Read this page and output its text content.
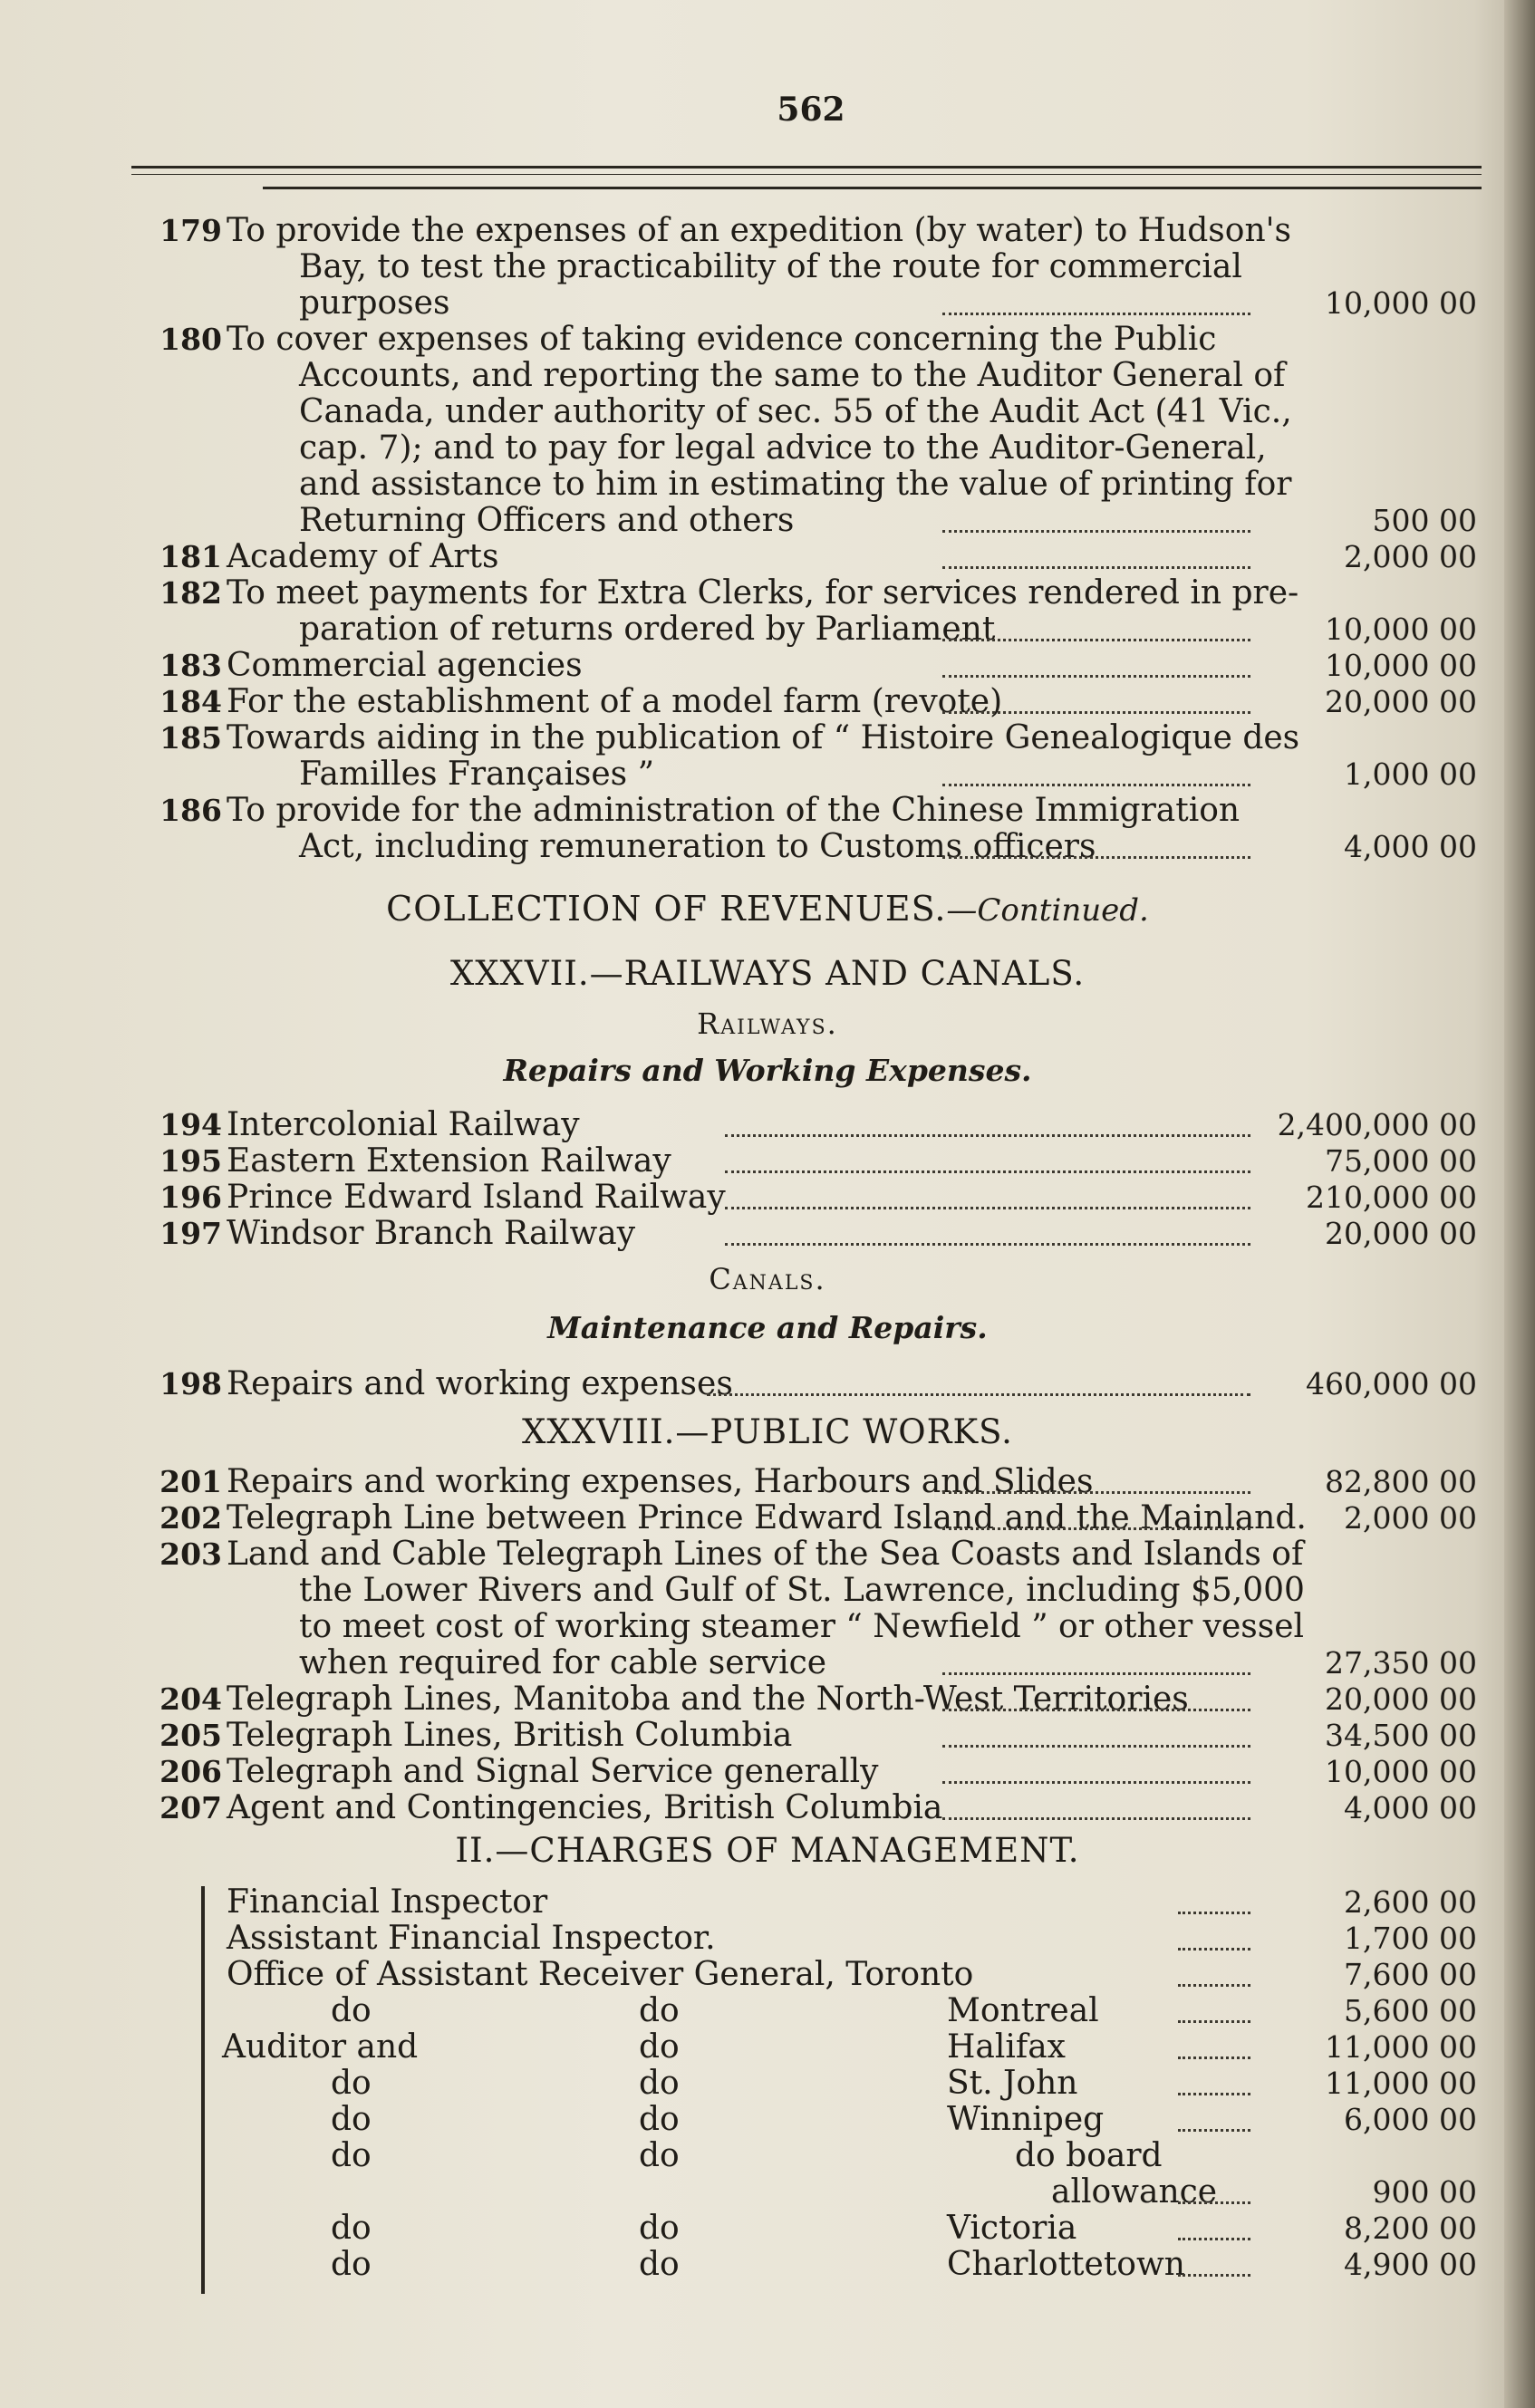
562
179 To provide the expenses of an expedition (by water) to Hudson's
Bay, to test the practicability of the route for commercial
purposes	10,000 00
180 To cover expenses of taking evidence concerning the Public
Accounts, and reporting the same to the Auditor General of
Canada, under authority of sec. 55 of the Audit Act (41 Vic.,
cap. 7); and to pay for legal advice to the Auditor-General,
and assistance to him in estimating the value of printing for
Returning Officers and others	500 00
181 Academy of Arts	2,000 00
182 To meet payments for Extra Clerks, for services rendered in pre-
paration of returns ordered by Parliament	10,000 00
183 Commercial agencies	10,000 00
184 For the establishment of a model farm (revote)	20,000 00
185 Towards aiding in the publication of “ Histoire Genealogique des
Familles Françaises ”	1,000 00
186 To provide for the administration of the Chinese Immigration
Act, including remuneration to Customs officers	4,000 00
COLLECTION OF REVENUES.—Continued.
XXXVII.—RAILWAYS AND CANALS.
Railways.
Repairs and Working Expenses.
194 Intercolonial Railway	2,400,000 00
195 Eastern Extension Railway	75,000 00
196 Prince Edward Island Railway	210,000 00
197 Windsor Branch Railway	20,000 00
Canals.
Maintenance and Repairs.
198 Repairs and working expenses	460,000 00
XXXVIII.—PUBLIC WORKS.
201 Repairs and working expenses, Harbours and Slides	82,800 00
202 Telegraph Line between Prince Edward Island and the Mainland.	2,000 00
203 Land and Cable Telegraph Lines of the Sea Coasts and Islands of
the Lower Rivers and Gulf of St. Lawrence, including $5,000
to meet cost of working steamer “ Newfield ” or other vessel
when required for cable service	27,350 00
204 Telegraph Lines, Manitoba and the North-West Territories	20,000 00
205 Telegraph Lines, British Columbia	34,500 00
206 Telegraph and Signal Service generally	10,000 00
207 Agent and Contingencies, British Columbia	4,000 00
II.—CHARGES OF MANAGEMENT.
Financial Inspector	2,600 00
Assistant Financial Inspector.	1,700 00
Office of Assistant Receiver General, Toronto	7,600 00
do	do	Montreal	5,600 00
Auditor and	do	Halifax	11,000 00
do	do	St. John	11,000 00
do	do	Winnipeg	6,000 00
do	do	do board
allowance	900 00
do	do	Victoria	8,200 00
do	do	Charlottetown	4,900 00
